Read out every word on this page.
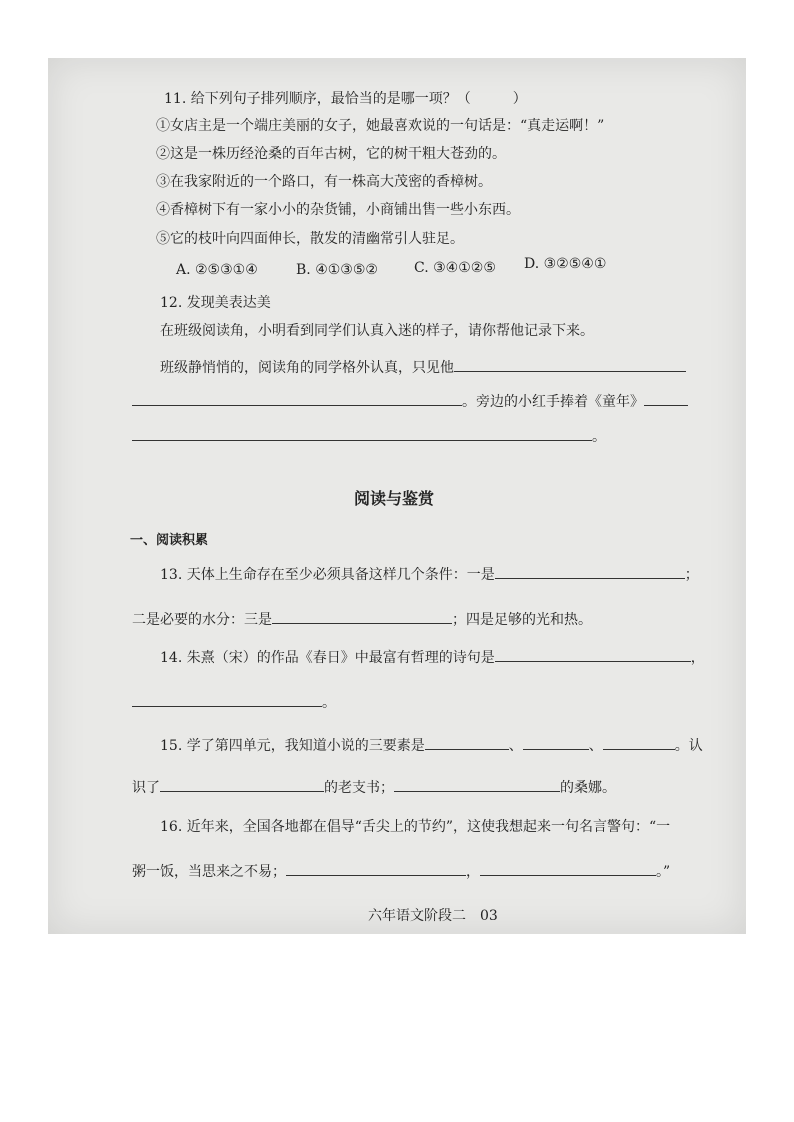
11. 给下列句子排列顺序，最恰当的是哪一项？（　　　）
①女店主是一个端庄美丽的女子，她最喜欢说的一句话是：“真走运啊！”
②这是一株历经沧桑的百年古树，它的树干粗大苍劲的。
③在我家附近的一个路口，有一株高大茂密的香樟树。
④香樟树下有一家小小的杂货铺，小商铺出售一些小东西。
⑤它的枝叶向四面伸长，散发的清幽常引人驻足。
A. ②⑤③①④	B. ④①③⑤②	C. ③④①②⑤ D. ③②⑤④①
12. 发现美表达美
在班级阅读角，小明看到同学们认真入迷的样子，请你帮他记录下来。
班级静悄悄的，阅读角的同学格外认真，只见他
。旁边的小红手捧着《童年》
。
阅读与鉴赏
一、阅读积累
13. 天体上生命存在至少必须具备这样几个条件：一是	；
二是必要的水分：三是	；四是足够的光和热。
14. 朱熹（宋）的作品《春日》中最富有哲理的诗句是	，
。
15. 学了第四单元，我知道小说的三要素是	、	、	。认
识了	的老支书；	的桑娜。
16. 近年来，全国各地都在倡导“舌尖上的节约”，这使我想起来一句名言警句：“一
粥一饭，当思来之不易；	，	。”
六年语文阶段二　03
